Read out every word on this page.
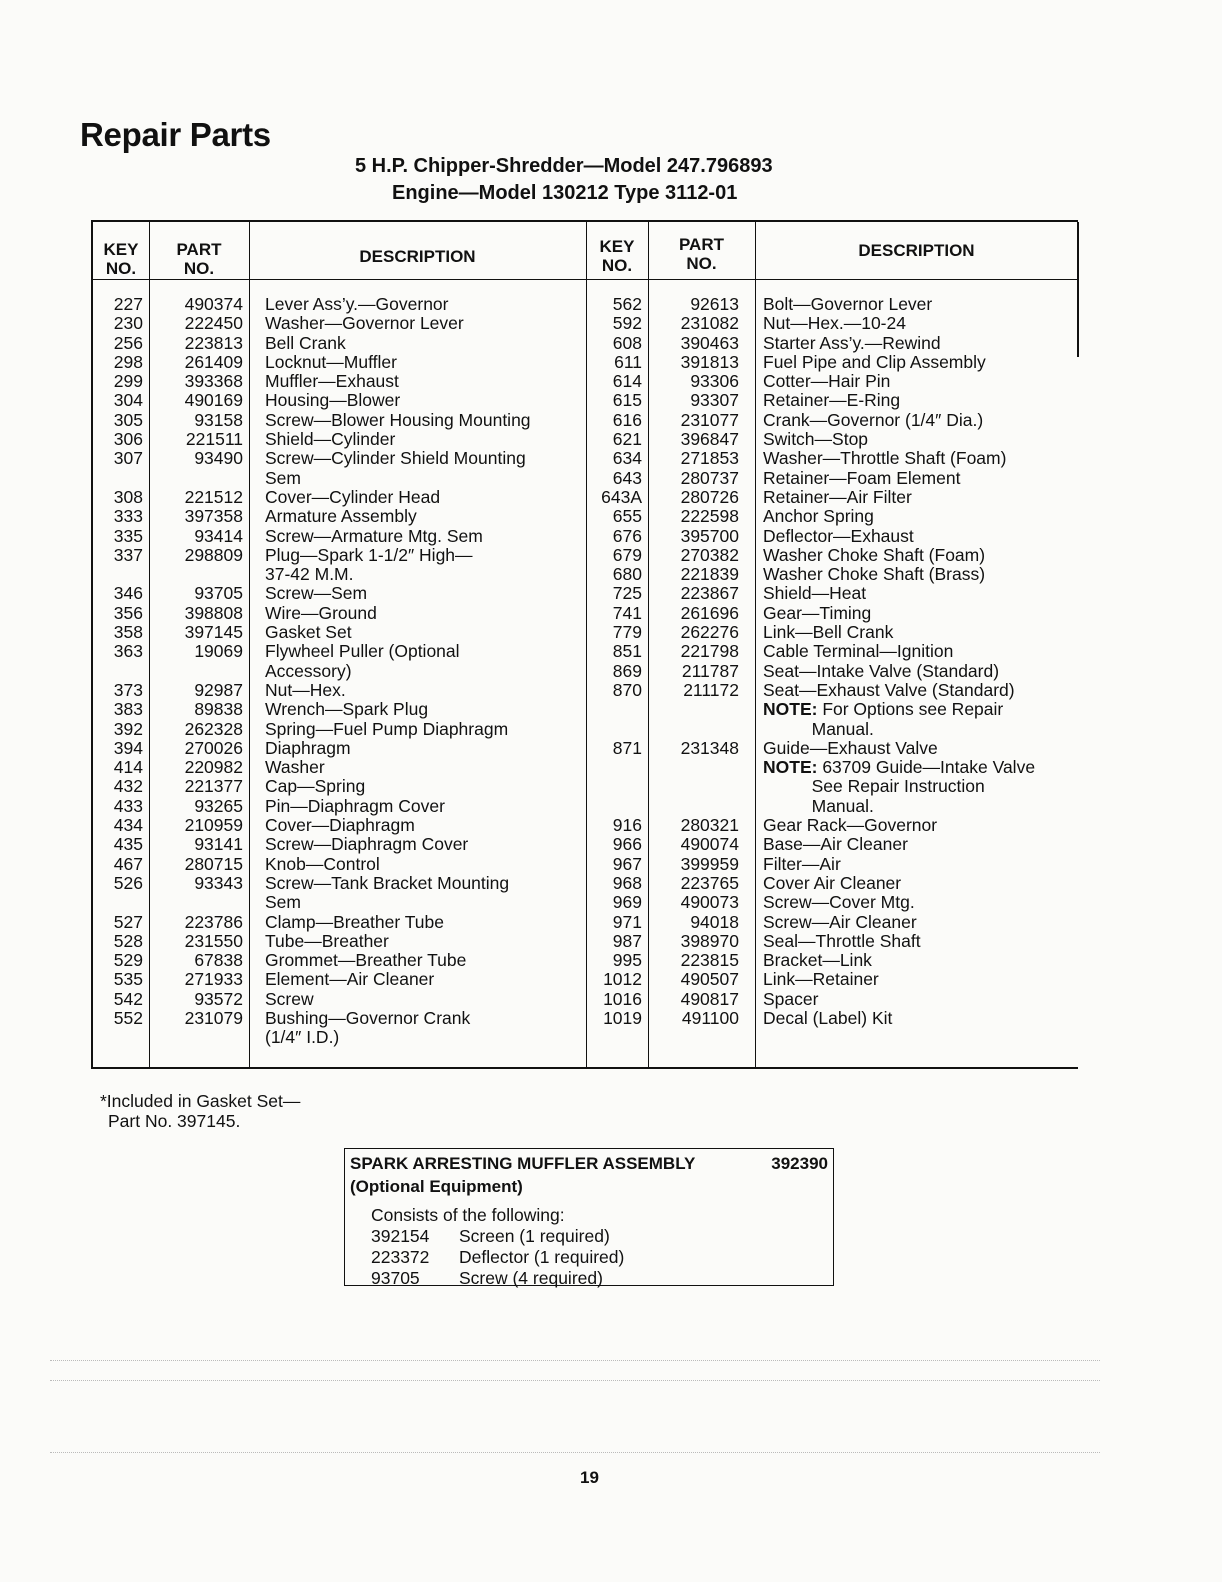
Repair Parts
5 H.P. Chipper-Shredder—Model 247.796893
Engine—Model 130212 Type 3112-01
KEY
NO.
PART
NO.
DESCRIPTION
KEY
NO.
PART
NO.
DESCRIPTION
227
230
256
298
299
304
305
306
307
308
333
335
337
346
356
358
363
373
383
392
394
414
432
433
434
435
467
526
527
528
529
535
542
552
490374
222450
223813
261409
393368
490169
93158
221511
93490
221512
397358
93414
298809
93705
398808
397145
19069
92987
89838
262328
270026
220982
221377
93265
210959
93141
280715
93343
223786
231550
67838
271933
93572
231079
Lever Ass’y.—Governor
Washer—Governor Lever
Bell Crank
Locknut—Muffler
Muffler—Exhaust
Housing—Blower
Screw—Blower Housing Mounting
Shield—Cylinder
Screw—Cylinder Shield Mounting
Sem
Cover—Cylinder Head
Armature Assembly
Screw—Armature Mtg. Sem
Plug—Spark 1-1/2″ High—
37-42 M.M.
Screw—Sem
Wire—Ground
Gasket Set
Flywheel Puller (Optional
Accessory)
Nut—Hex.
Wrench—Spark Plug
Spring—Fuel Pump Diaphragm
Diaphragm
Washer
Cap—Spring
Pin—Diaphragm Cover
Cover—Diaphragm
Screw—Diaphragm Cover
Knob—Control
Screw—Tank Bracket Mounting
Sem
Clamp—Breather Tube
Tube—Breather
Grommet—Breather Tube
Element—Air Cleaner
Screw
Bushing—Governor Crank
(1/4″ I.D.)
562
592
608
611
614
615
616
621
634
643
643A
655
676
679
680
725
741
779
851
869
870
871
916
966
967
968
969
971
987
995
1012
1016
1019
92613
231082
390463
391813
93306
93307
231077
396847
271853
280737
280726
222598
395700
270382
221839
223867
261696
262276
221798
211787
211172
231348
280321
490074
399959
223765
490073
94018
398970
223815
490507
490817
491100
Bolt—Governor Lever
Nut—Hex.—10-24
Starter Ass’y.—Rewind
Fuel Pipe and Clip Assembly
Cotter—Hair Pin
Retainer—E-Ring
Crank—Governor (1/4″ Dia.)
Switch—Stop
Washer—Throttle Shaft (Foam)
Retainer—Foam Element
Retainer—Air Filter
Anchor Spring
Deflector—Exhaust
Washer Choke Shaft (Foam)
Washer Choke Shaft (Brass)
Shield—Heat
Gear—Timing
Link—Bell Crank
Cable Terminal—Ignition
Seat—Intake Valve (Standard)
Seat—Exhaust Valve (Standard)
NOTE: For Options see Repair
Manual.
Guide—Exhaust Valve
NOTE: 63709 Guide—Intake Valve
See Repair Instruction
Manual.
Gear Rack—Governor
Base—Air Cleaner
Filter—Air
Cover Air Cleaner
Screw—Cover Mtg.
Screw—Air Cleaner
Seal—Throttle Shaft
Bracket—Link
Link—Retainer
Spacer
Decal (Label) Kit
*Included in Gasket Set—
Part No. 397145.
SPARK ARRESTING MUFFLER ASSEMBLY	392390
(Optional Equipment)
Consists of the following:
392154 Screen (1 required)
223372 Deflector (1 required)
93705 Screw (4 required)
19
